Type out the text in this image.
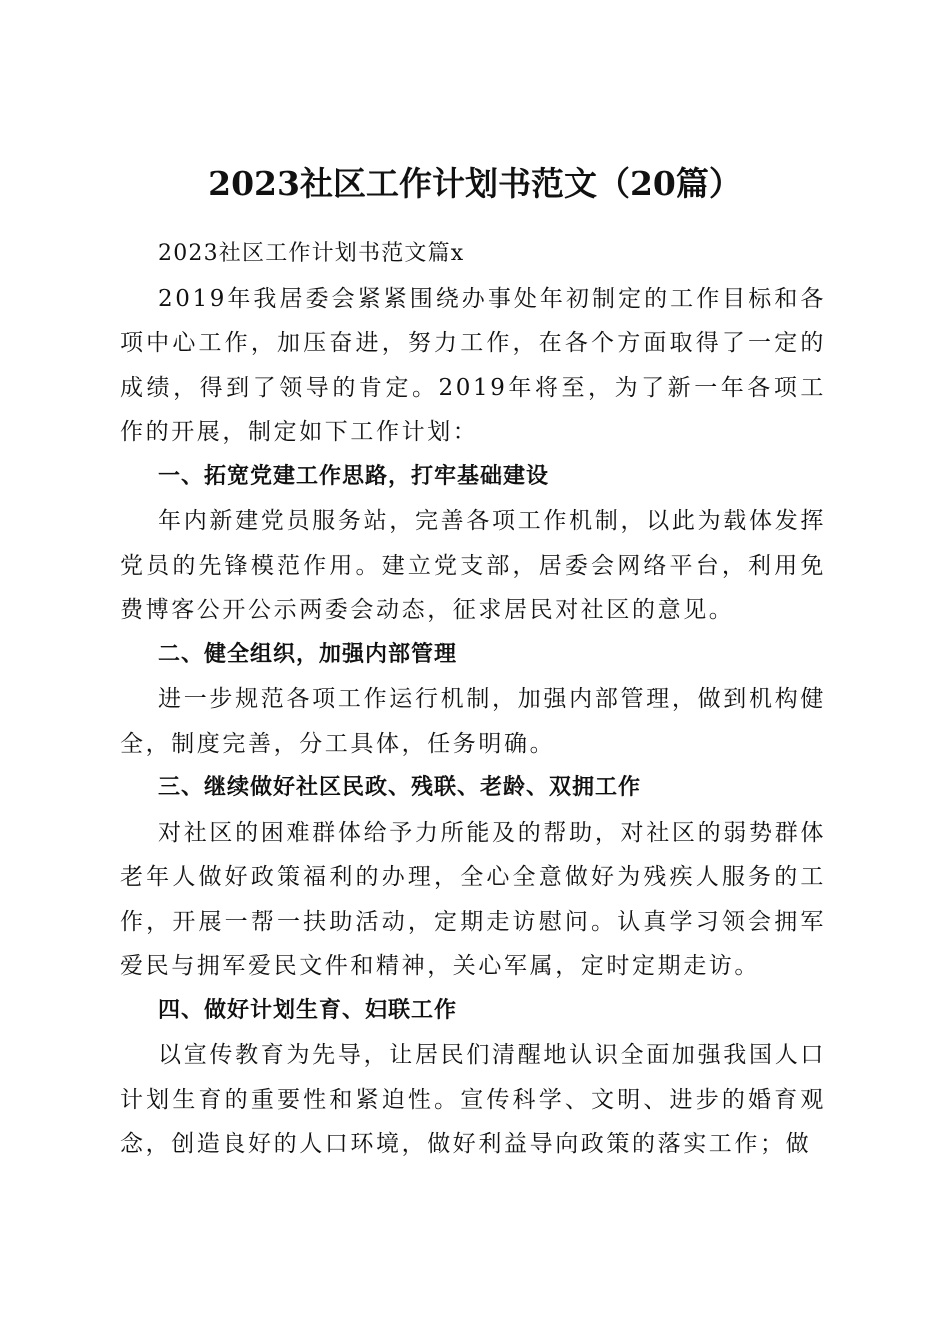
2023社区工作计划书范文（20篇）

2023社区工作计划书范文篇x

2019年我居委会紧紧围绕办事处年初制定的工作目标和各项中心工作，加压奋进，努力工作，在各个方面取得了一定的成绩，得到了领导的肯定。2019年将至，为了新一年各项工作的开展，制定如下工作计划：

一、拓宽党建工作思路，打牢基础建设

年内新建党员服务站，完善各项工作机制，以此为载体发挥党员的先锋模范作用。建立党支部，居委会网络平台，利用免费博客公开公示两委会动态，征求居民对社区的意见。

二、健全组织，加强内部管理

进一步规范各项工作运行机制，加强内部管理，做到机构健全，制度完善，分工具体，任务明确。

三、继续做好社区民政、残联、老龄、双拥工作

对社区的困难群体给予力所能及的帮助，对社区的弱势群体老年人做好政策福利的办理，全心全意做好为残疾人服务的工作，开展一帮一扶助活动，定期走访慰问。认真学习领会拥军爱民与拥军爱民文件和精神，关心军属，定时定期走访。

四、做好计划生育、妇联工作

以宣传教育为先导，让居民们清醒地认识全面加强我国人口计划生育的重要性和紧迫性。宣传科学、文明、进步的婚育观念，创造良好的人口环境，做好利益导向政策的落实工作；做
